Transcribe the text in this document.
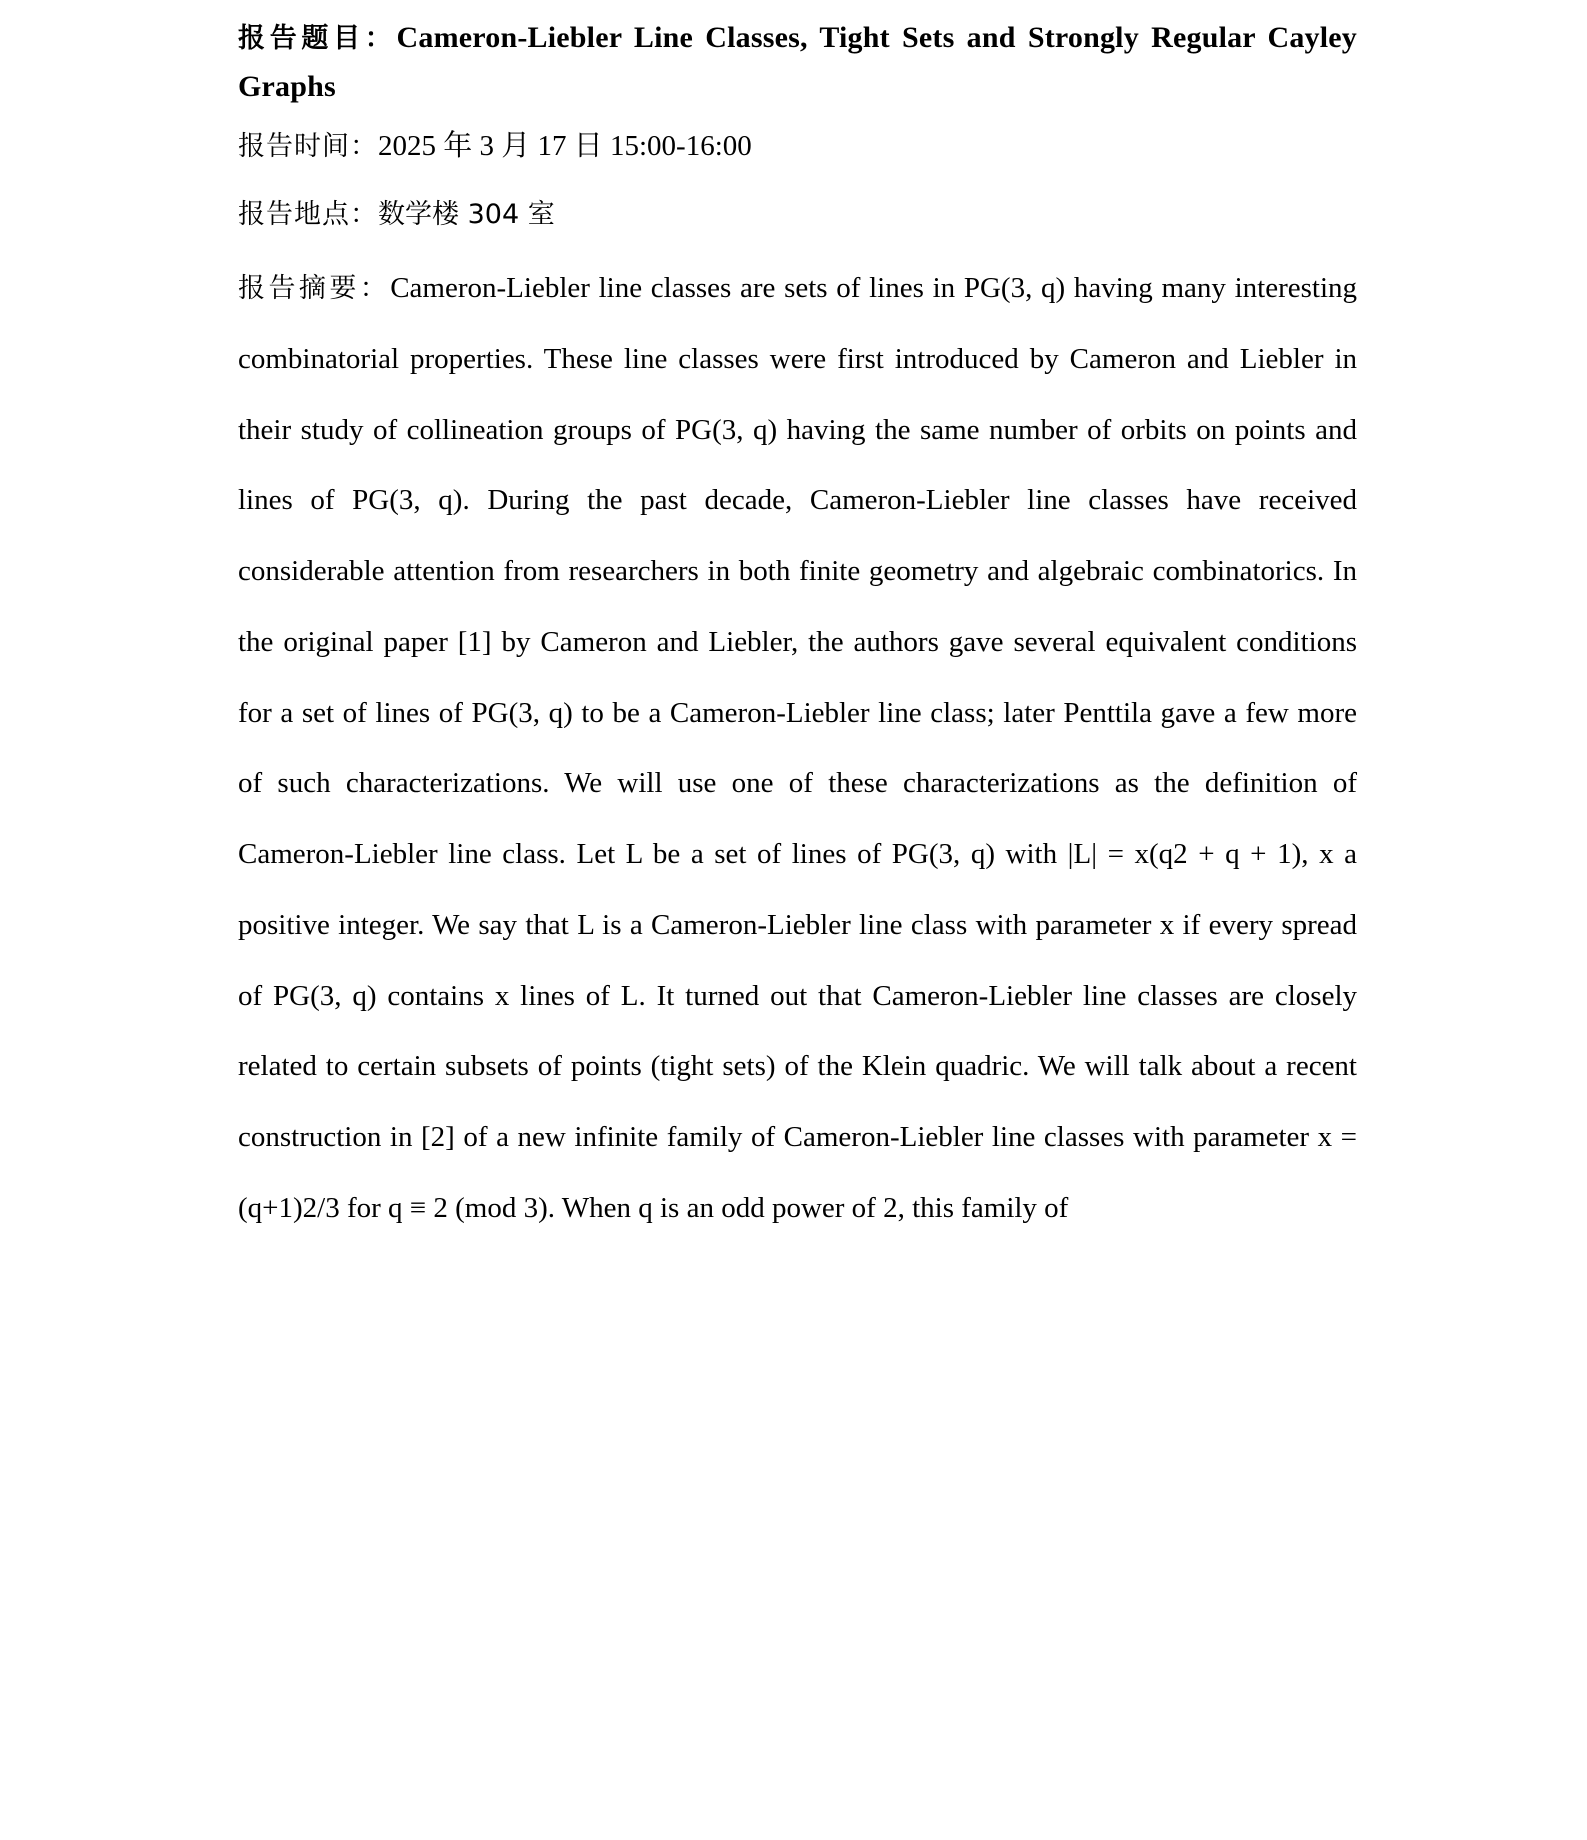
报告题目：Cameron-Liebler Line Classes, Tight Sets and Strongly Regular Cayley Graphs
报告时间：2025 年 3 月 17 日 15:00-16:00
报告地点：数学楼 304 室
报告摘要：Cameron-Liebler line classes are sets of lines in PG(3, q) having many interesting combinatorial properties. These line classes were first introduced by Cameron and Liebler in their study of collineation groups of PG(3, q) having the same number of orbits on points and lines of PG(3, q). During the past decade, Cameron-Liebler line classes have received considerable attention from researchers in both finite geometry and algebraic combinatorics. In the original paper [1] by Cameron and Liebler, the authors gave several equivalent conditions for a set of lines of PG(3, q) to be a Cameron-Liebler line class; later Penttila gave a few more of such characterizations. We will use one of these characterizations as the definition of Cameron-Liebler line class. Let L be a set of lines of PG(3, q) with |L| = x(q2 + q + 1), x a positive integer. We say that L is a Cameron-Liebler line class with parameter x if every spread of PG(3, q) contains x lines of L. It turned out that Cameron-Liebler line classes are closely related to certain subsets of points (tight sets) of the Klein quadric. We will talk about a recent construction in [2] of a new infinite family of Cameron-Liebler line classes with parameter x = (q+1)2/3 for q ≡ 2 (mod 3). When q is an odd power of 2, this family of
